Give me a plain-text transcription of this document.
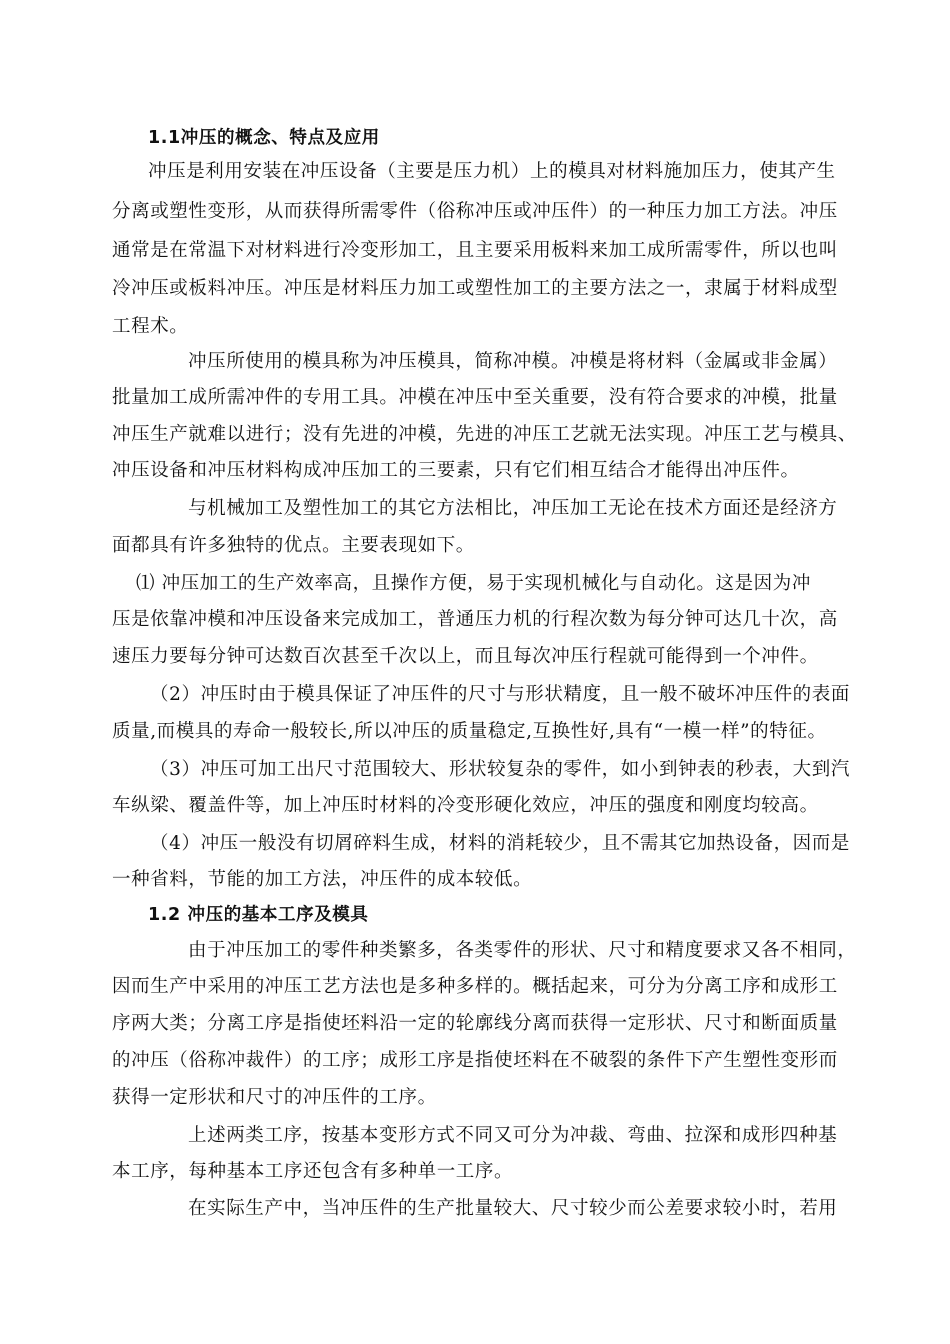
1.1冲压的概念、特点及应用
冲压是利用安装在冲压设备（主要是压力机）上的模具对材料施加压力，使其产生
分离或塑性变形，从而获得所需零件（俗称冲压或冲压件）的一种压力加工方法。冲压
通常是在常温下对材料进行冷变形加工，且主要采用板料来加工成所需零件，所以也叫
冷冲压或板料冲压。冲压是材料压力加工或塑性加工的主要方法之一，隶属于材料成型
工程术。
冲压所使用的模具称为冲压模具，简称冲模。冲模是将材料（金属或非金属）
批量加工成所需冲件的专用工具。冲模在冲压中至关重要，没有符合要求的冲模，批量
冲压生产就难以进行；没有先进的冲模，先进的冲压工艺就无法实现。冲压工艺与模具、
冲压设备和冲压材料构成冲压加工的三要素，只有它们相互结合才能得出冲压件。
与机械加工及塑性加工的其它方法相比，冲压加工无论在技术方面还是经济方
面都具有许多独特的优点。主要表现如下。
⑴ 冲压加工的生产效率高，且操作方便，易于实现机械化与自动化。这是因为冲
压是依靠冲模和冲压设备来完成加工，普通压力机的行程次数为每分钟可达几十次，高
速压力要每分钟可达数百次甚至千次以上，而且每次冲压行程就可能得到一个冲件。
（2）冲压时由于模具保证了冲压件的尺寸与形状精度，且一般不破坏冲压件的表面
质量,而模具的寿命一般较长,所以冲压的质量稳定,互换性好,具有“一模一样”的特征。
（3）冲压可加工出尺寸范围较大、形状较复杂的零件，如小到钟表的秒表，大到汽
车纵梁、覆盖件等，加上冲压时材料的冷变形硬化效应，冲压的强度和刚度均较高。
（4）冲压一般没有切屑碎料生成，材料的消耗较少，且不需其它加热设备，因而是
一种省料，节能的加工方法，冲压件的成本较低。
1.2 冲压的基本工序及模具
由于冲压加工的零件种类繁多，各类零件的形状、尺寸和精度要求又各不相同，
因而生产中采用的冲压工艺方法也是多种多样的。概括起来，可分为分离工序和成形工
序两大类；分离工序是指使坯料沿一定的轮廓线分离而获得一定形状、尺寸和断面质量
的冲压（俗称冲裁件）的工序；成形工序是指使坯料在不破裂的条件下产生塑性变形而
获得一定形状和尺寸的冲压件的工序。
上述两类工序，按基本变形方式不同又可分为冲裁、弯曲、拉深和成形四种基
本工序，每种基本工序还包含有多种单一工序。
在实际生产中，当冲压件的生产批量较大、尺寸较少而公差要求较小时，若用
